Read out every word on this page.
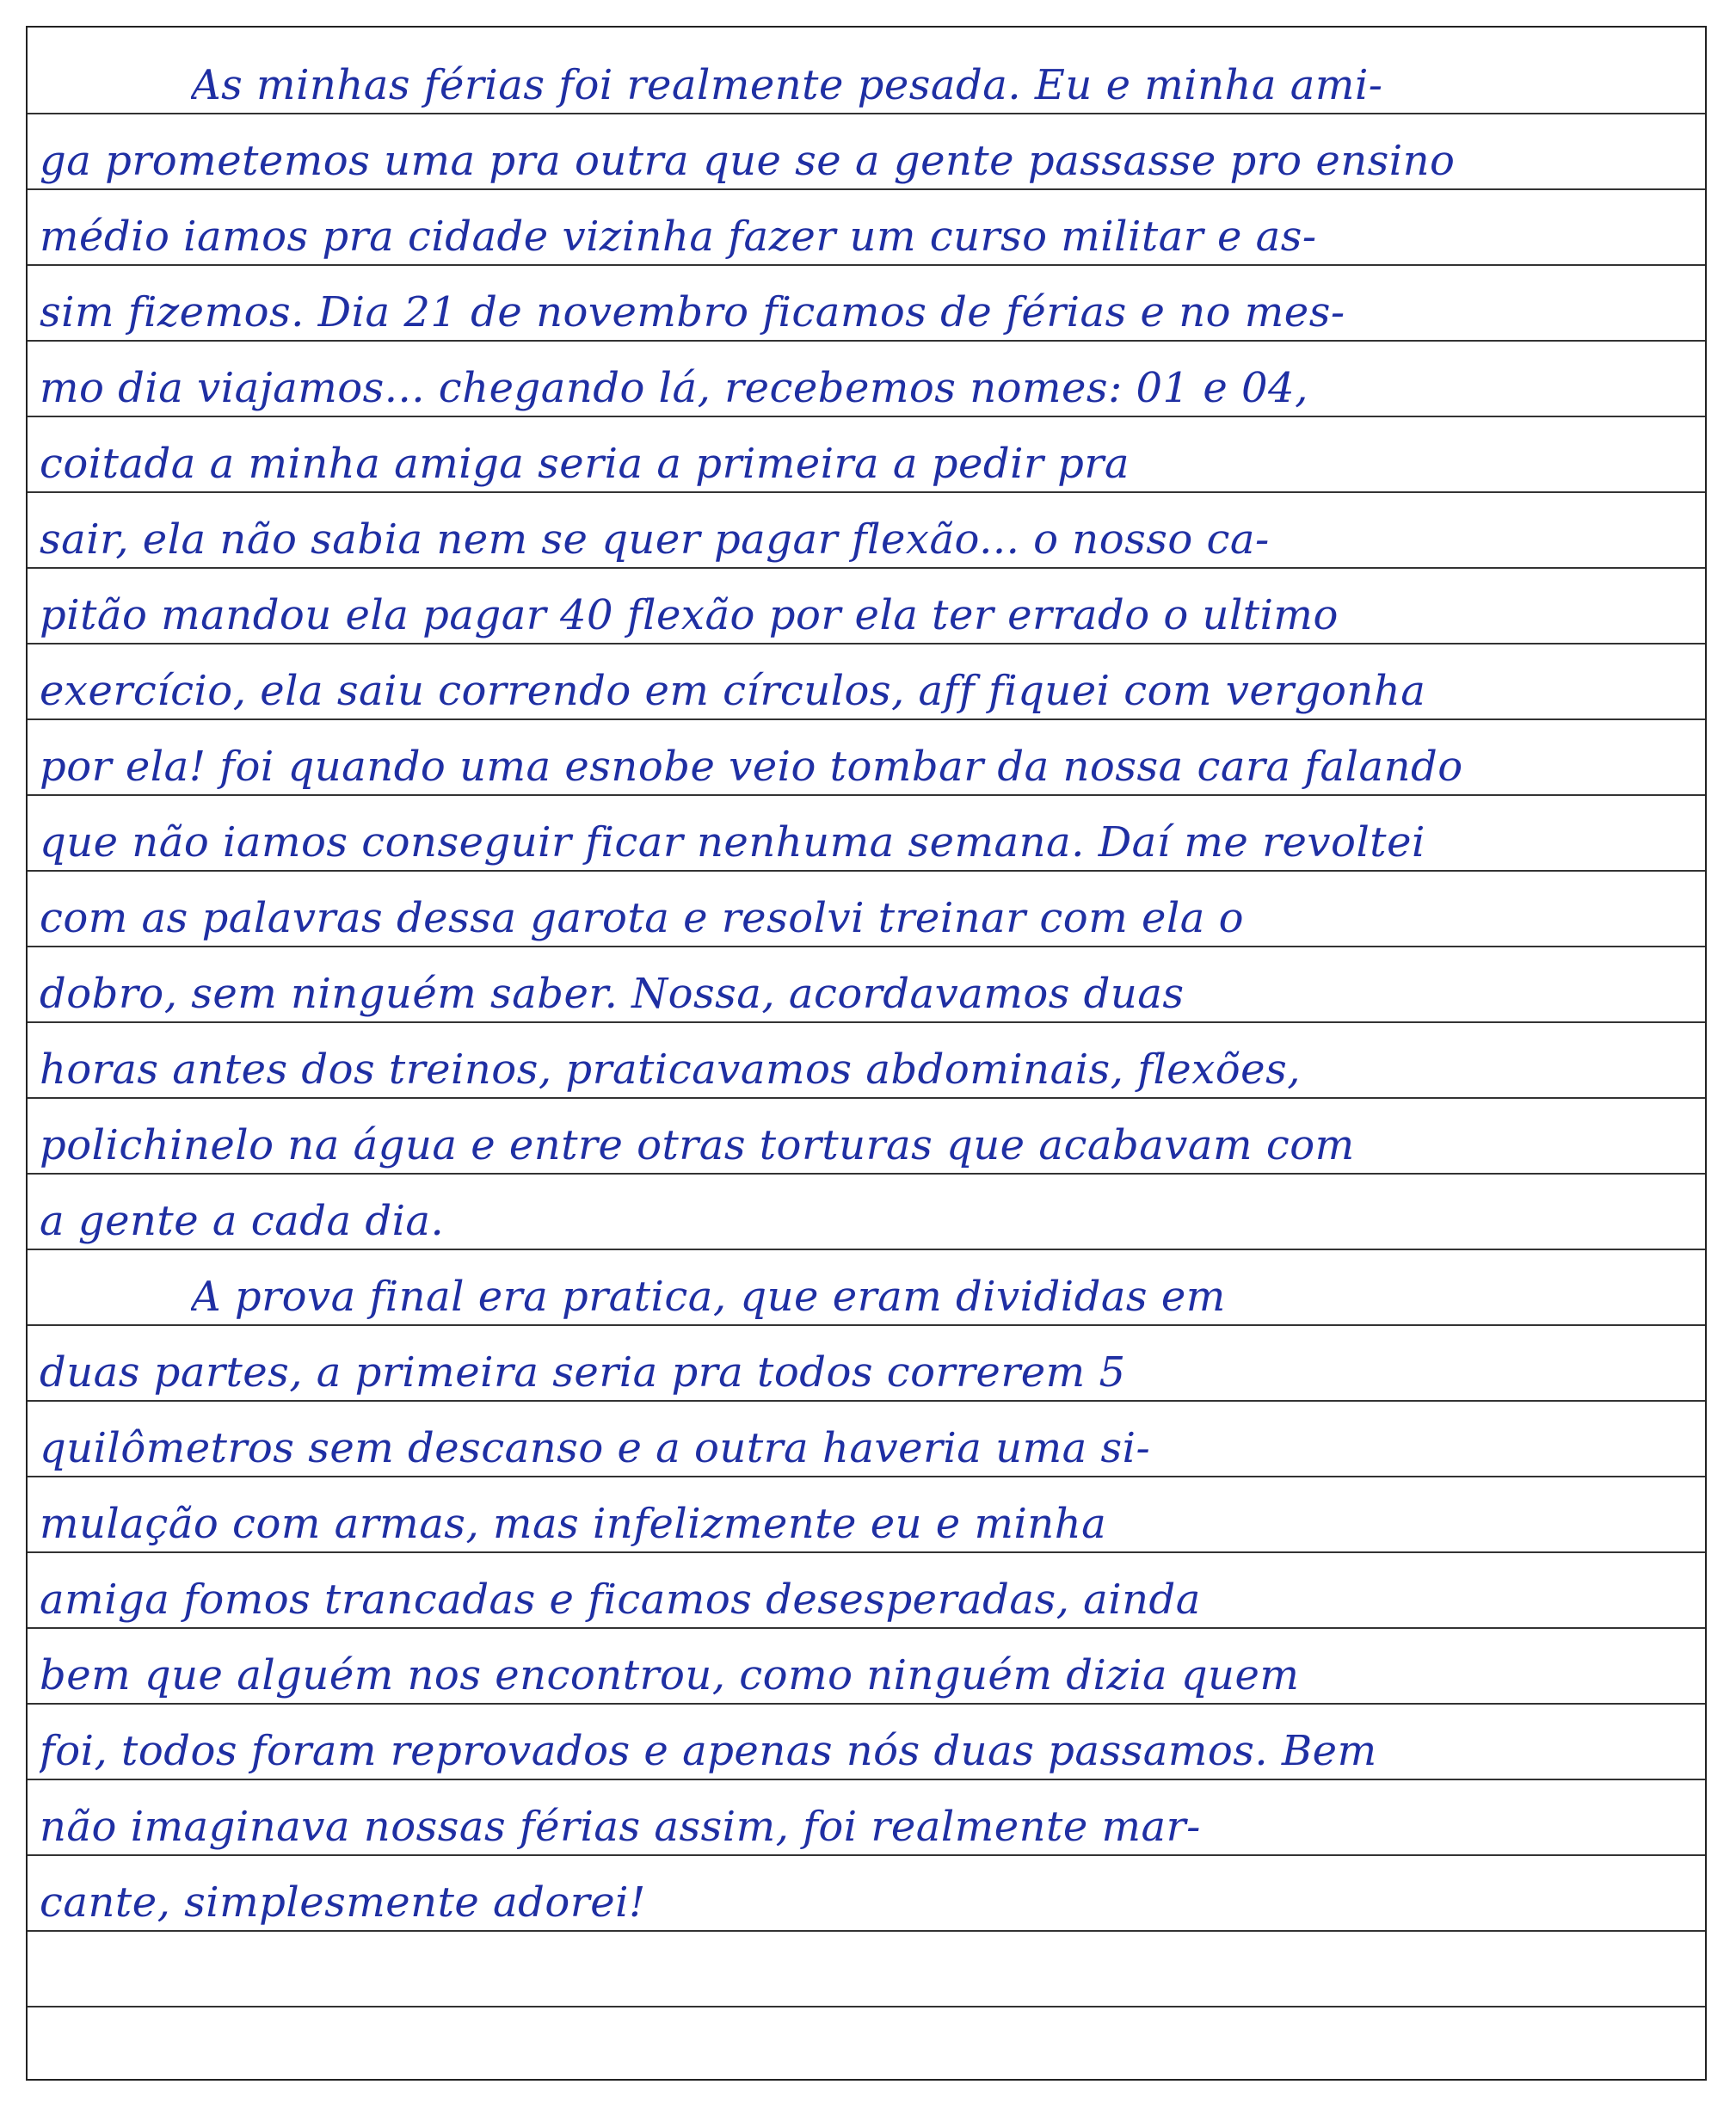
As minhas férias foi realmente pesada. Eu e minha ami-
ga prometemos uma pra outra que se a gente passasse pro ensino
médio iamos pra cidade vizinha fazer um curso militar e as-
sim fizemos. Dia 21 de novembro ficamos de férias e no mes-
mo dia viajamos... chegando lá, recebemos nomes: 01 e 04,
coitada a minha amiga seria a primeira a pedir pra
sair, ela não sabia nem se quer pagar flexão... o nosso ca-
pitão mandou ela pagar 40 flexão por ela ter errado o ultimo
exercício, ela saiu correndo em círculos, aff fiquei com vergonha
por ela! foi quando uma esnobe veio tombar da nossa cara falando
que não iamos conseguir ficar nenhuma semana. Daí me revoltei
com as palavras dessa garota e resolvi treinar com ela o
dobro, sem ninguém saber. Nossa, acordavamos duas
horas antes dos treinos, praticavamos abdominais, flexões,
polichinelo na água e entre otras torturas que acabavam com
a gente a cada dia.
A prova final era pratica, que eram divididas em
duas partes, a primeira seria pra todos correrem 5
quilômetros sem descanso e a outra haveria uma si-
mulação com armas, mas infelizmente eu e minha
amiga fomos trancadas e ficamos desesperadas, ainda
bem que alguém nos encontrou, como ninguém dizia quem
foi, todos foram reprovados e apenas nós duas passamos. Bem
não imaginava nossas férias assim, foi realmente mar-
cante, simplesmente adorei!
